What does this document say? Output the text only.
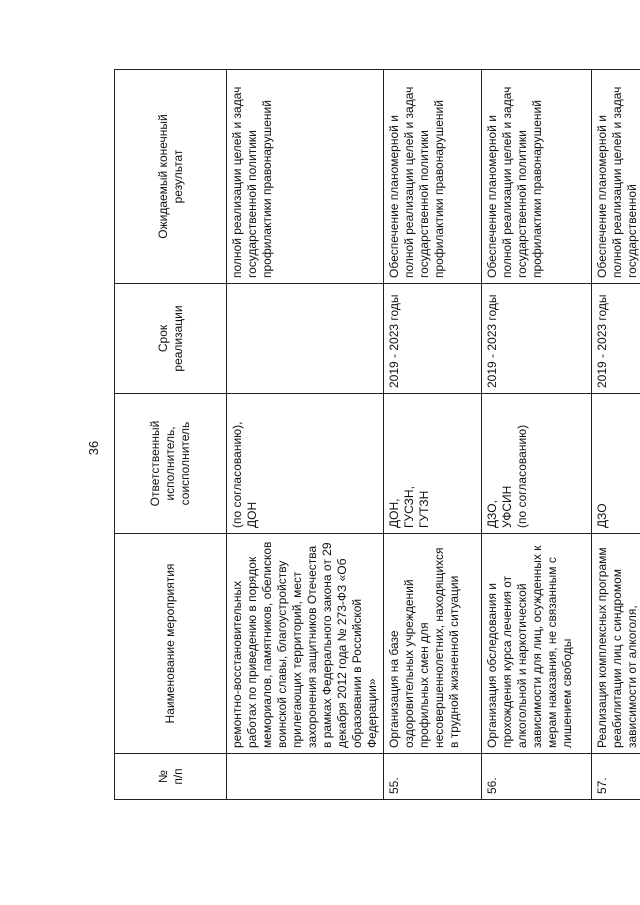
36
№
п/п	Наименование мероприятия	Ответственный
исполнитель,
соисполнитель	Срок
реализации	Ожидаемый конечный
результат
	ремонтно-восстановительных работах по приведению в порядок мемориалов, памятников, обелисков воинской славы, благоустройству прилегающих территорий, мест захоронения защитников Отечества в рамках Федерального закона от 29 декабря 2012 года № 273-ФЗ «Об образовании в Российской Федерации»	(по согласованию),
ДОН		полной реализации целей и задач государственной политики профилактики правонарушений
55.	Организация на базе оздоровительных учреждений профильных смен для несовершеннолетних, находящихся в трудной жизненной ситуации	ДОН,
ГУСЗН,
ГУТЗН	2019 - 2023 годы	Обеспечение планомерной и полной реализации целей и задач государственной политики профилактики правонарушений
56.	Организация обследования и прохождения курса лечения от алкогольной и наркотической зависимости для лиц, осужденных к мерам наказания, не связанным с лишением свободы	ДЗО,
УФСИН
(по согласованию)	2019 - 2023 годы	Обеспечение планомерной и полной реализации целей и задач государственной политики профилактики правонарушений
57.	Реализация комплексных программ реабилитации лиц с синдромом зависимости от алкоголя,	ДЗО	2019 - 2023 годы	Обеспечение планомерной и полной реализации целей и задач государственной
